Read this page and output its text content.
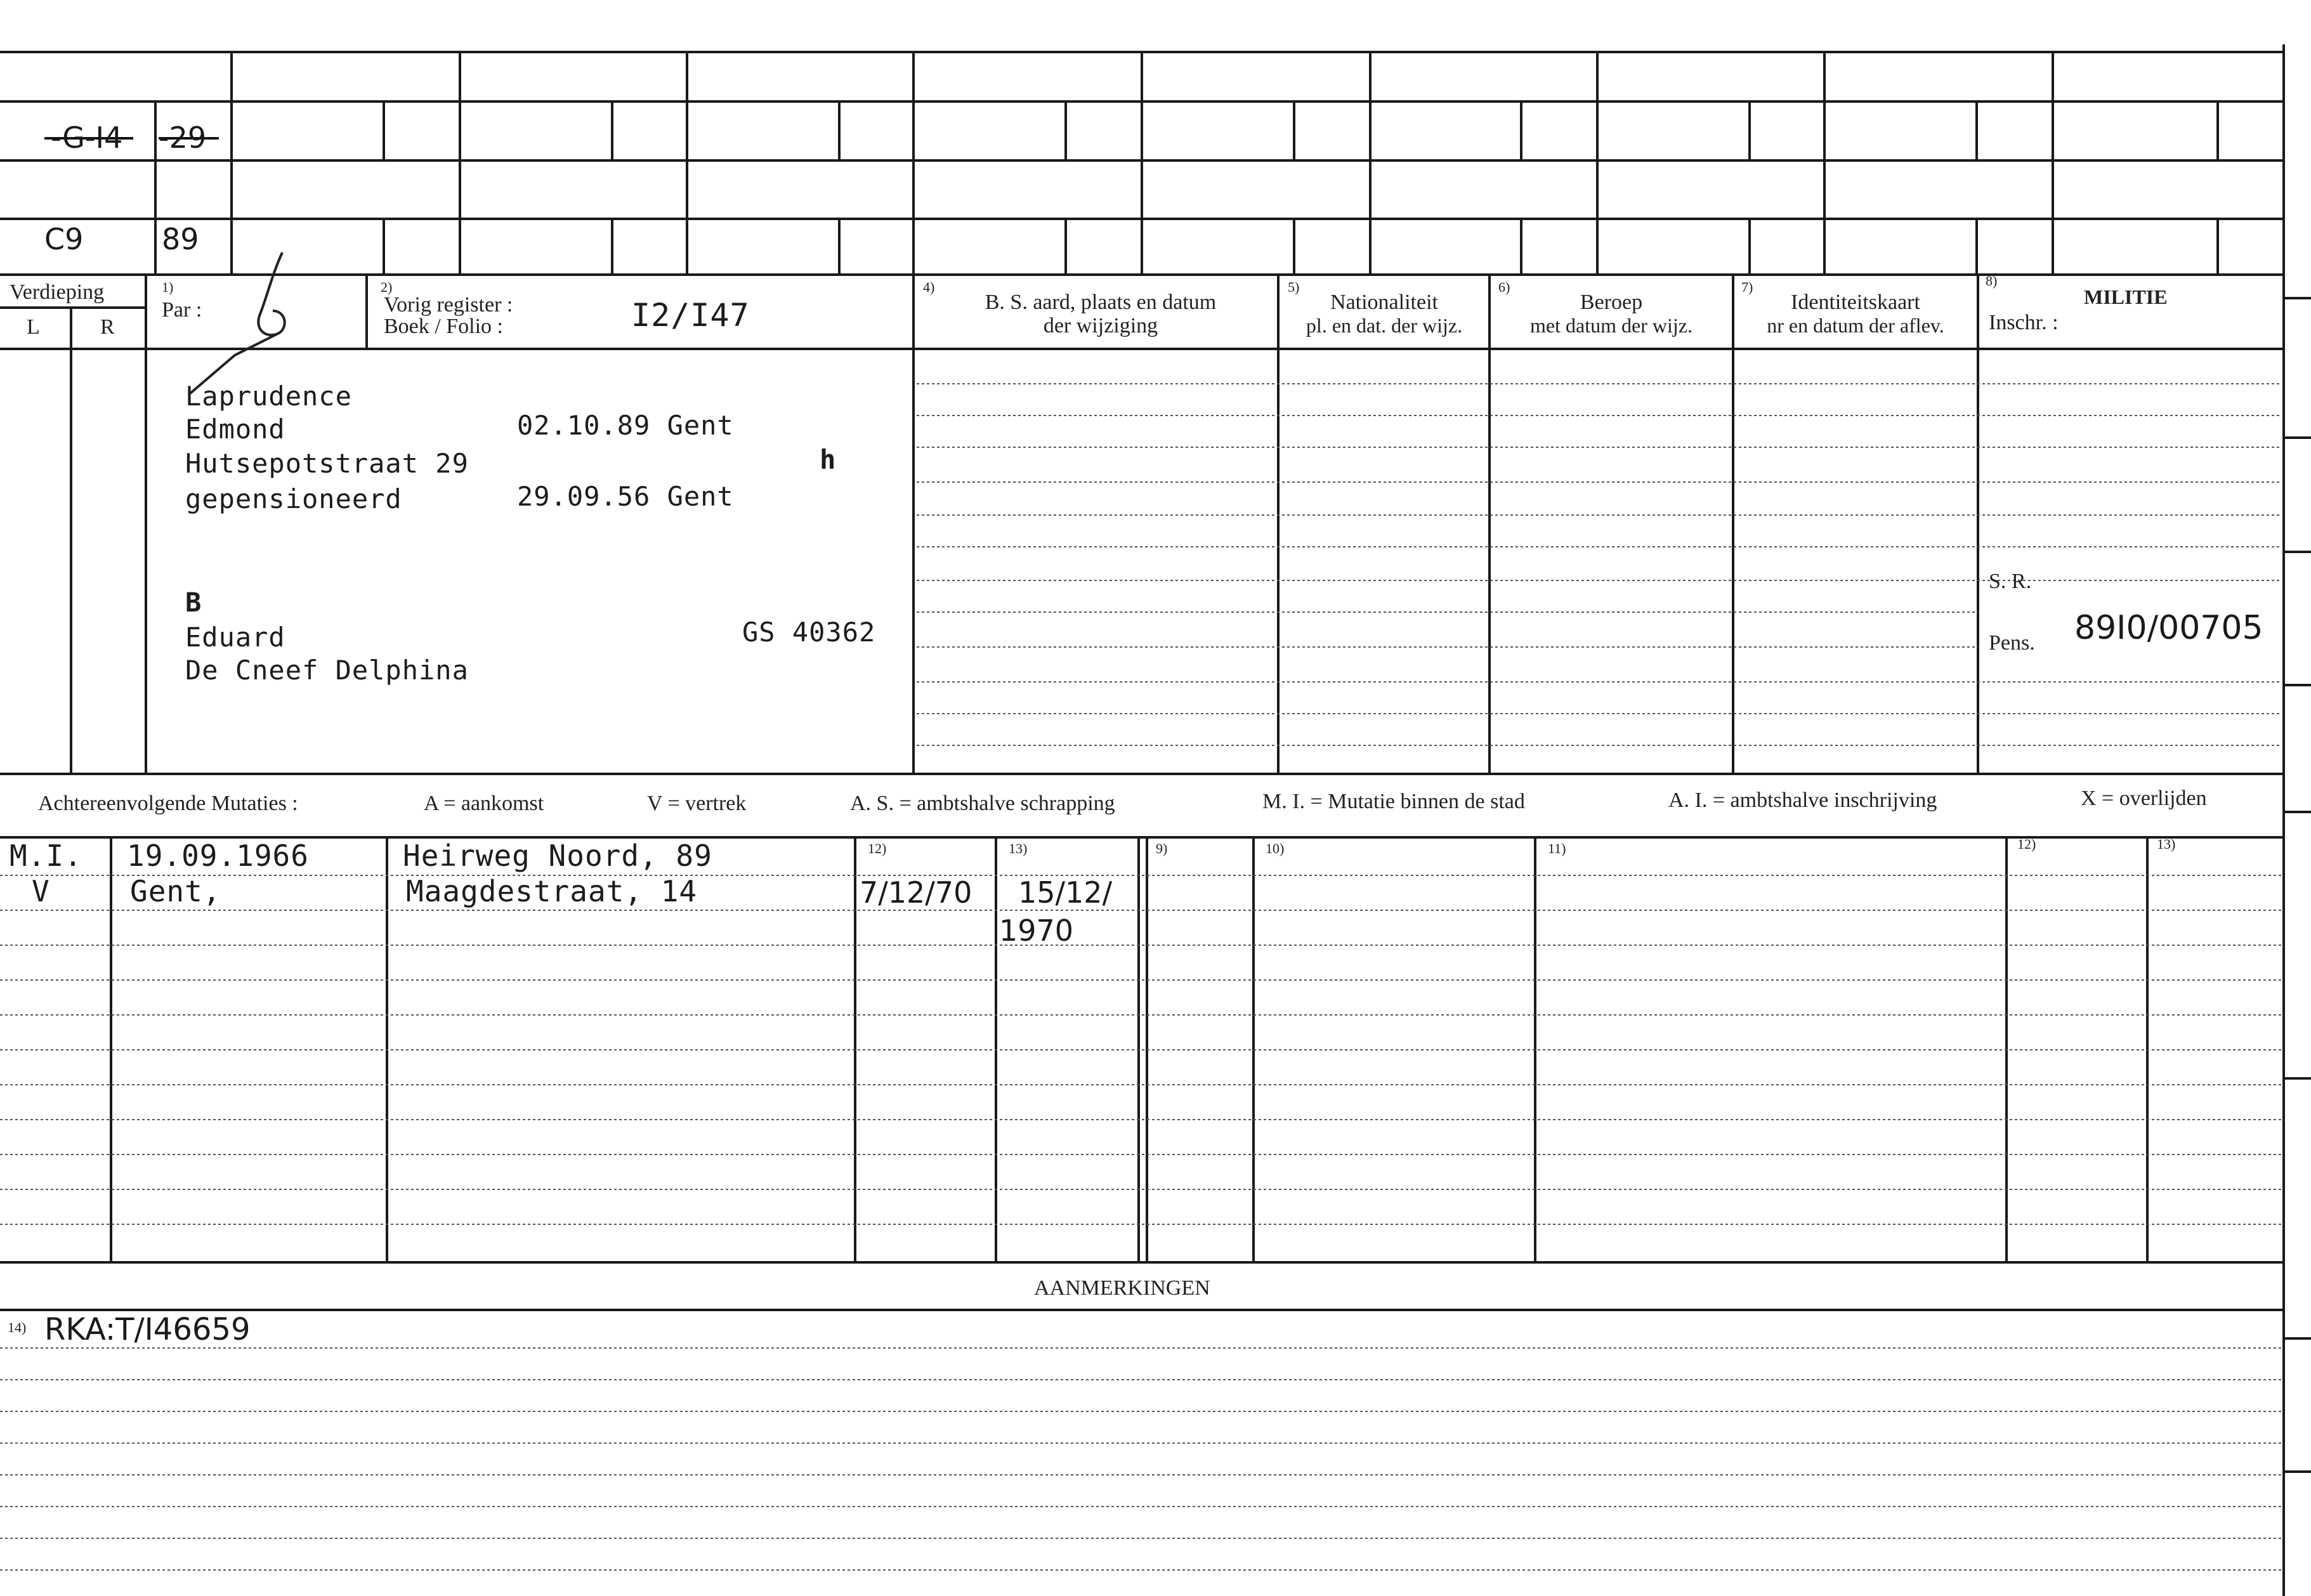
-G-I4 -29
C9	89
Verdieping
L	R
1)
Par :
2)
Vorig register :
Boek / Folio :	I2/I47
4)
B. S. aard, plaats en datum
der wijziging
5)
Nationaliteit
pl. en dat. der wijz.
6)
Beroep
met datum der wijz.
7)
Identiteitskaart
nr en datum der aflev.
8)
MILITIE
Inschr. :
Laprudence
Edmond	02.10.89 Gent
Hutsepotstraat 29	h
gepensioneerd	29.09.56 Gent
B
Eduard	GS 40362
De Cneef Delphina
S. R.
Pens. 89I0/00705
Achtereenvolgende Mutaties :	A = aankomst	V = vertrek	A. S. = ambtshalve schrapping	M. I. = Mutatie binnen de stad	A. I. = ambtshalve inschrijving	X = overlijden
12)	13)	9)	10)	11)	12)	13)
M.I. 19.09.1966	Heirweg Noord, 89
V	Gent,	Maagdestraat, 14	7/12/70 15/12/
1970
AANMERKINGEN
14) RKA:T/I46659
